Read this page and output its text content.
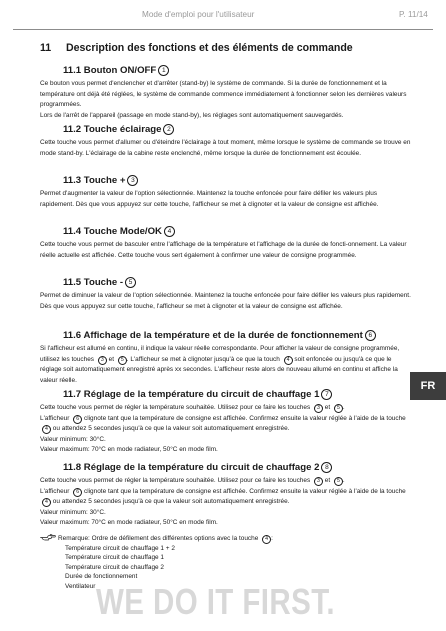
Mode d'emploi pour l'utilisateur	P. 11/14
11 Description des fonctions et des éléments de commande
11.1 Bouton ON/OFF 1

Ce bouton vous permet d'enclencher et d'arrêter (stand-by) le système de commande. Si la durée de fonctionnement et la température ont déjà été réglées, le système de commande commence immédiatement à fonctionner selon les dernières valeurs programmées.

Lors de l'arrêt de l'appareil (passage en mode stand-by), les réglages sont automatiquement sauvegardés.

11.2 Touche éclairage 2

Cette touche vous permet d'allumer ou d'éteindre l'éclairage à tout moment, même lorsque le système de commande se trouve en mode stand-by. L'éclairage de la cabine reste enclenché, même lorsque la durée de fonctionnement est écoulée.

11.3 Touche + 3

Permet d'augmenter la valeur de l'option sélectionnée. Maintenez la touche enfoncée pour faire défiler les valeurs plus rapidement. Dès que vous appuyez sur cette touche, l'afficheur se met à clignoter et la valeur de consigne est affichée.

11.4 Touche Mode/OK 4

Cette touche vous permet de basculer entre l'affichage de la température et l'affichage de la durée de foncti-onnement. La valeur réelle actuelle est affichée. Cette touche vous sert également à confirmer une valeur de consigne programmée.

11.5 Touche - 5

Permet de diminuer la valeur de l'option sélectionnée. Maintenez la touche enfoncée pour faire défiler les valeurs plus rapidement. Dès que vous appuyez sur cette touche, l'afficheur se met à clignoter et la valeur de consigne est affichée.

11.6 Affichage de la température et de la durée de fonctionnement 6

Si l'afficheur est allumé en continu, il indique la valeur réelle correspondante. Pour afficher la valeur de consigne programmée, utilisez les touches 3 et 5 . L'afficheur se met à clignoter jusqu'à ce que la touch 4 soit enfoncée ou jusqu'à ce que le réglage soit automatiquement enregistré après xx secondes. L'afficheur reste alors de nouveau allumé en continu et affiche la valeur réelle.

11.7 Réglage de la température du circuit de chauffage 1 7

Cette touche vous permet de régler la température souhaitée. Utilisez pour ce faire les touches 3 et 5 .

L'afficheur 6 clignote tant que la température de consigne est affichée. Confirmez ensuite la valeur réglée à l'aide de la touche 4 ou attendez 5 secondes jusqu'à ce que la valeur soit automatiquement enregistrée.

Valeur minimum: 30°C.

Valeur maximum: 70°C en mode radiateur, 50°C en mode film.

11.8 Réglage de la température du circuit de chauffage 2 8

Cette touche vous permet de régler la température souhaitée. Utilisez pour ce faire les touches 3 et 5 .

L'afficheur 6 clignote tant que la température de consigne est affichée. Confirmez ensuite la valeur réglée à l'aide de la touche 4 ou attendez 5 secondes jusqu'à ce que la valeur soit automatiquement enregistrée.

Valeur minimum: 30°C.

Valeur maximum: 70°C en mode radiateur, 50°C en mode film.

Remarque: Ordre de défilement des différentes options avec la touche 4 :
Température circuit de chauffage 1 + 2
Température circuit de chauffage 1
Température circuit de chauffage 2
Durée de fonctionnement
Ventilateur
FR
WE DO IT FIRST.
